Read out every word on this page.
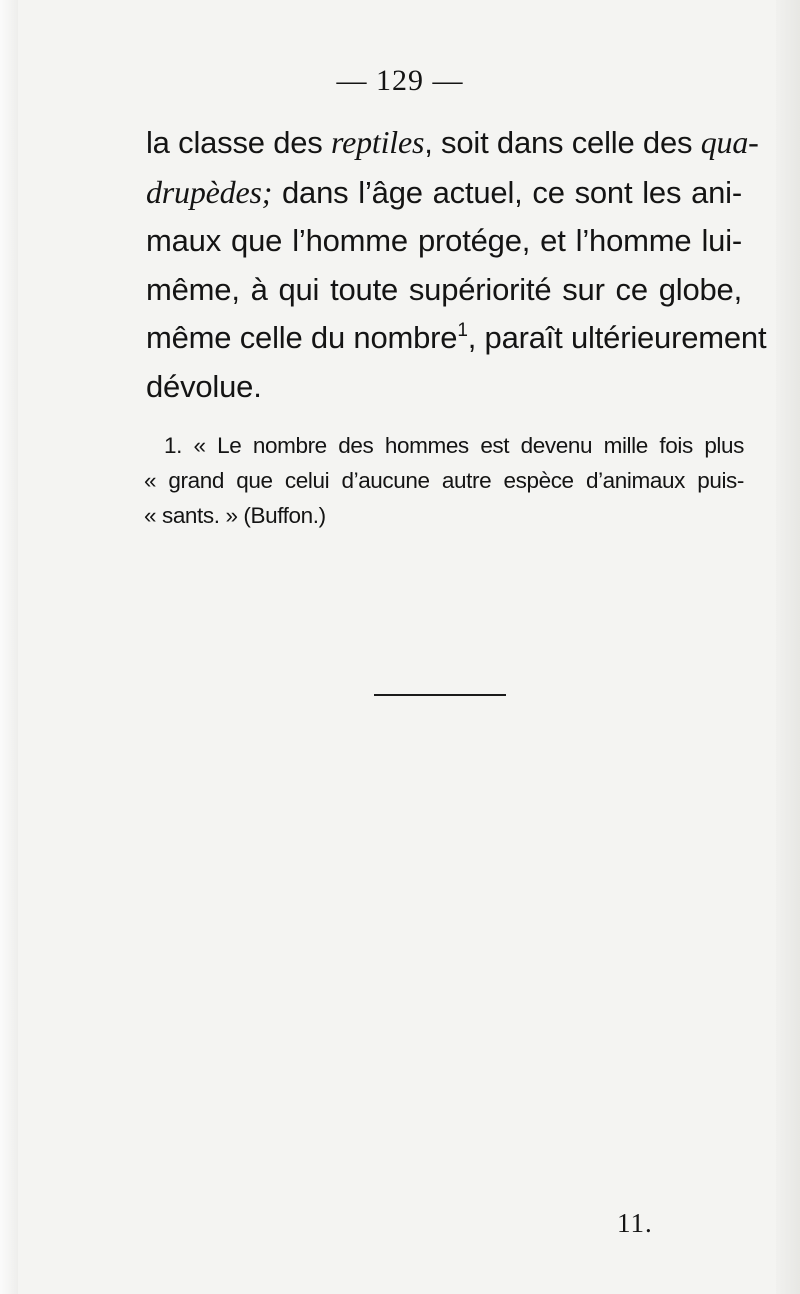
— 129 —
la classe des reptiles, soit dans celle des qua-
drupèdes; dans l’âge actuel, ce sont les ani-
maux que l’homme protége, et l’homme lui-
même, à qui toute supériorité sur ce globe,
même celle du nombre$^1$, paraît ultérieurement
dévolue.
1. « Le nombre des hommes est devenu mille fois plus
« grand que celui d’aucune autre espèce d’animaux puis-
« sants. » (Buffon.)
11.
